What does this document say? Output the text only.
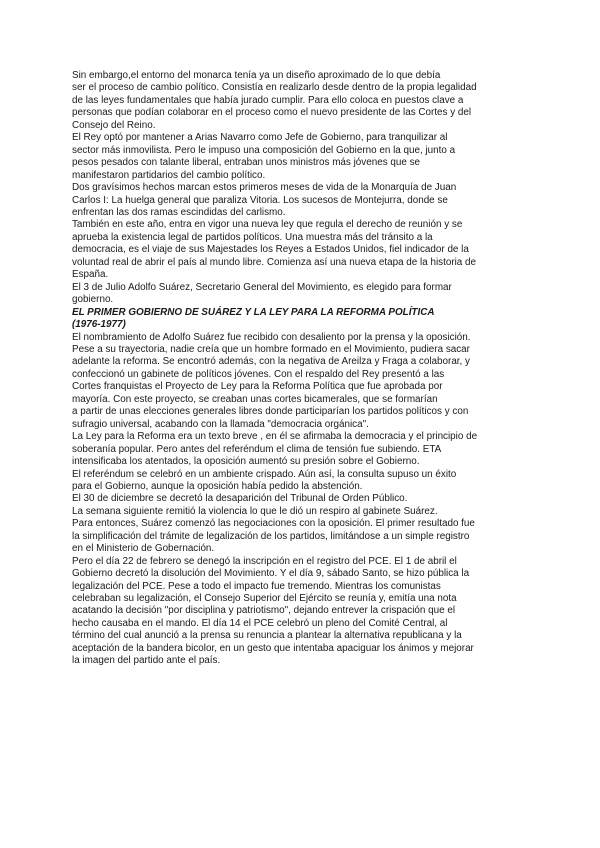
Sin embargo,el entorno del monarca tenía ya un diseño aproximado de lo que debía
ser el proceso de cambio político. Consistía en realizarlo desde dentro de la propia legalidad
de las leyes fundamentales que había jurado cumplir. Para ello coloca en puestos clave a
personas que podían colaborar en el proceso como el nuevo presidente de las Cortes y del
Consejo del Reino.
El Rey optó por mantener a Arias Navarro como Jefe de Gobierno, para tranquilizar al
sector más inmovilista. Pero le impuso una composición del Gobierno en la que, junto a
pesos pesados con talante liberal, entraban unos ministros más jóvenes que se
manifestaron partidarios del cambio político.
Dos gravísimos hechos marcan estos primeros meses de vida de la Monarquía de Juan
Carlos I: La huelga general que paraliza Vitoria. Los sucesos de Montejurra, donde se
enfrentan las dos ramas escindidas del carlismo.
También en este año, entra en vigor una nueva ley que regula el derecho de reunión y se
aprueba la existencia legal de partidos políticos. Una muestra más del tránsito a la
democracia, es el viaje de sus Majestades los Reyes a Estados Unidos, fiel indicador de la
voluntad real de abrir el país al mundo libre. Comienza así una nueva etapa de la historia de
España.
El 3 de Julio Adolfo Suárez, Secretario General del Movimiento, es elegido para formar
gobierno.
EL PRIMER GOBIERNO DE SUÁREZ Y LA LEY PARA LA REFORMA POLÍTICA
(1976-1977)
El nombramiento de Adolfo Suárez fue recibido con desaliento por la prensa y la oposición.
Pese a su trayectoria, nadie creía que un hombre formado en el Movimiento, pudiera sacar
adelante la reforma. Se encontró además, con la negativa de Areilza y Fraga a colaborar, y
confeccionó un gabinete de políticos jóvenes. Con el respaldo del Rey presentó a las
Cortes franquistas el Proyecto de Ley para la Reforma Política que fue aprobada por
mayoría. Con este proyecto, se creaban unas cortes bicamerales, que se formarían
a partir de unas elecciones generales libres donde participarían los partidos políticos y con
sufragio universal, acabando con la llamada "democracia orgánica".
La Ley para la Reforma era un texto breve , en él se afirmaba la democracia y el principio de
soberanía popular. Pero antes del referéndum el clima de tensión fue subiendo. ETA
intensificaba los atentados, la oposición aumentó su presión sobre el Gobierno.
El referéndum se celebró en un ambiente crispado. Aún así, la consulta supuso un éxito
para el Gobierno, aunque la oposición había pedido la abstención.
El 30 de diciembre se decretó la desaparición del Tribunal de Orden Público.
La semana siguiente remitió la violencia lo que le dió un respiro al gabinete Suárez.
Para entonces, Suárez comenzó las negociaciones con la oposición. El primer resultado fue
la simplificación del trámite de legalización de los partidos, limitándose a un simple registro
en el Ministerio de Gobernación.
Pero el día 22 de febrero se denegó la inscripción en el registro del PCE. El 1 de abril el
Gobierno decretó la disolución del Movimiento. Y el día 9, sábado Santo, se hizo pública la
legalización del PCE. Pese a todo el impacto fue tremendo. Mientras los comunistas
celebraban su legalización, el Consejo Superior del Ejército se reunía y, emitía una nota
acatando la decisión "por disciplina y patriotismo", dejando entrever la crispación que el
hecho causaba en el mando. El día 14 el PCE celebró un pleno del Comité Central, al
término del cual anunció a la prensa su renuncia a plantear la alternativa republicana y la
aceptación de la bandera bicolor, en un gesto que intentaba apaciguar los ánimos y mejorar
la imagen del partido ante el país.
